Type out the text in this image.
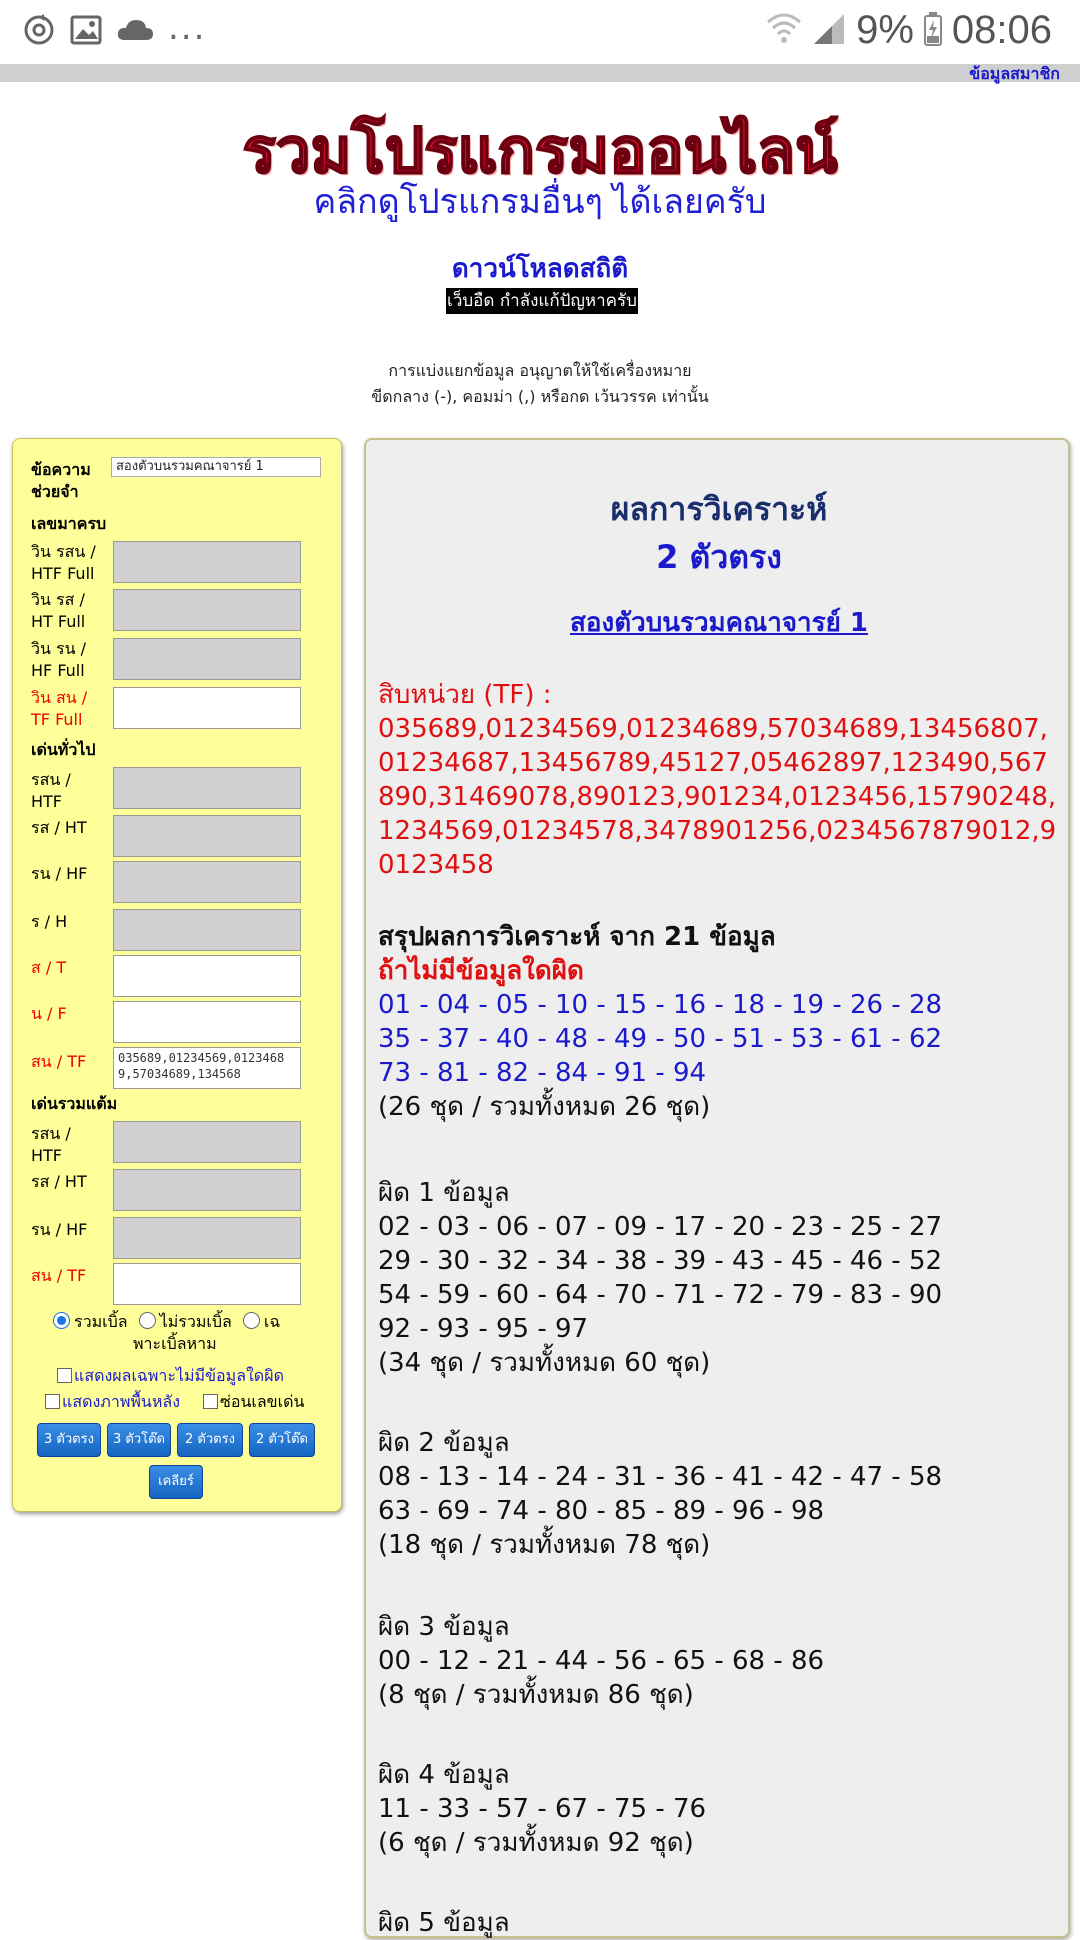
...	9% 08:06
ข้อมูลสมาชิก
รวมโปรแกรมออนไลน์
คลิกดูโปรแกรมอื่นๆ ได้เลยครับ
ดาวน์โหลดสถิติ
เว็บอืด กำลังแก้ปัญหาครับ
การแบ่งแยกข้อมูล อนุญาตให้ใช้เครื่องหมาย
ขีดกลาง (-), คอมม่า (,) หรือกด เว้นวรรค เท่านั้น
ข้อความ
ช่วยจำ
สองตัวบนรวมคณาจารย์ 1
เลขมาครบ
วิน รสน /
HTF Full
วิน รส /
HT Full
วิน รน /
HF Full
วิน สน /
TF Full
เด่นทั่วไป
รสน /
HTF
รส / HT
รน / HF
ร / H
ส / T
น / F
สน / TF	035689,01234569,01234689,57034689,134568
เด่นรวมแต้ม
รสน /
HTF
รส / HT
รน / HF
สน / TF
รวมเบิ้ล ไม่รวมเบิ้ล เฉ
พาะเบิ้ลหาม
แสดงผลเฉพาะไม่มีข้อมูลใดผิด
แสดงภาพพื้นหลัง	ซ่อนเลขเด่น
3 ตัวตรง	3 ตัวโต๊ด	2 ตัวตรง	2 ตัวโต๊ด
เคลียร์
ผลการวิเคราะห์
2 ตัวตรง
สองตัวบนรวมคณาจารย์ 1
สิบหน่วย (TF) :
035689,01234569,01234689,57034689,13456807,01234687,13456789,45127,05462897,123490,567890,31469078,890123,901234,0123456,15790248,1234569,01234578,3478901256,0234567879012,90123458
สรุปผลการวิเคราะห์ จาก 21 ข้อมูล
ถ้าไม่มีข้อมูลใดผิด
01 - 04 - 05 - 10 - 15 - 16 - 18 - 19 - 26 - 28
35 - 37 - 40 - 48 - 49 - 50 - 51 - 53 - 61 - 62
73 - 81 - 82 - 84 - 91 - 94
(26 ชุด / รวมทั้งหมด 26 ชุด)
ผิด 1 ข้อมูล
02 - 03 - 06 - 07 - 09 - 17 - 20 - 23 - 25 - 27
29 - 30 - 32 - 34 - 38 - 39 - 43 - 45 - 46 - 52
54 - 59 - 60 - 64 - 70 - 71 - 72 - 79 - 83 - 90
92 - 93 - 95 - 97
(34 ชุด / รวมทั้งหมด 60 ชุด)
ผิด 2 ข้อมูล
08 - 13 - 14 - 24 - 31 - 36 - 41 - 42 - 47 - 58
63 - 69 - 74 - 80 - 85 - 89 - 96 - 98
(18 ชุด / รวมทั้งหมด 78 ชุด)
ผิด 3 ข้อมูล
00 - 12 - 21 - 44 - 56 - 65 - 68 - 86
(8 ชุด / รวมทั้งหมด 86 ชุด)
ผิด 4 ข้อมูล
11 - 33 - 57 - 67 - 75 - 76
(6 ชุด / รวมทั้งหมด 92 ชุด)
ผิด 5 ข้อมูล
